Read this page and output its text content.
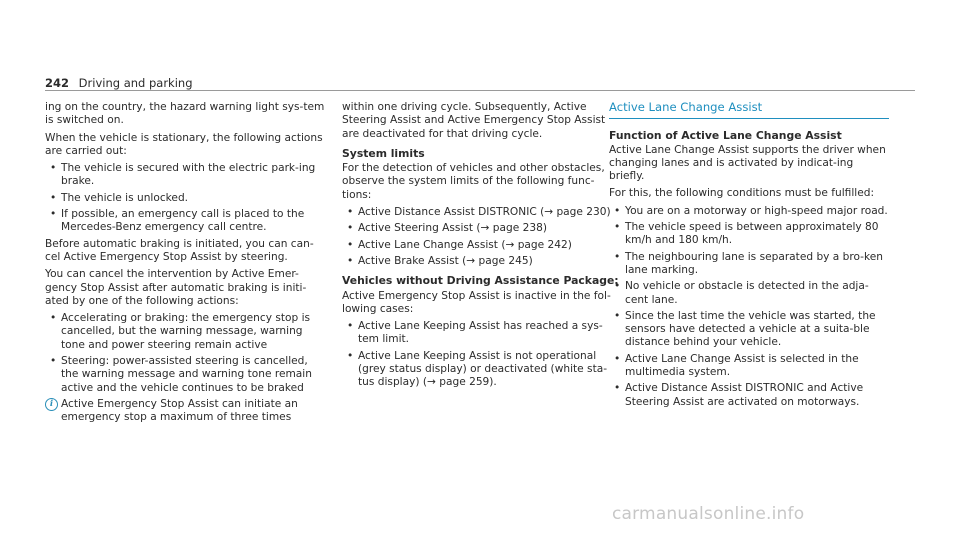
242 Driving and parking

ing on the country, the hazard warning light sys-tem is switched on.

When the vehicle is stationary, the following actions are carried out:

• The vehicle is secured with the electric park-ing brake.
• The vehicle is unlocked.
• If possible, an emergency call is placed to the Mercedes-Benz emergency call centre.

Before automatic braking is initiated, you can can-cel Active Emergency Stop Assist by steering.

You can cancel the intervention by Active Emer-gency Stop Assist after automatic braking is initi-ated by one of the following actions:

• Accelerating or braking: the emergency stop is cancelled, but the warning message, warning tone and power steering remain active
• Steering: power-assisted steering is cancelled, the warning message and warning tone remain active and the vehicle continues to be braked
i Active Emergency Stop Assist can initiate an emergency stop a maximum of three times

within one driving cycle. Subsequently, Active Steering Assist and Active Emergency Stop Assist are deactivated for that driving cycle.

System limits

For the detection of vehicles and other obstacles, observe the system limits of the following func-tions:

• Active Distance Assist DISTRONIC (→ page 230)
• Active Steering Assist (→ page 238)
• Active Lane Change Assist (→ page 242)
• Active Brake Assist (→ page 245)
Vehicles without Driving Assistance Package:

Active Emergency Stop Assist is inactive in the fol-lowing cases:

• Active Lane Keeping Assist has reached a sys-tem limit.
• Active Lane Keeping Assist is not operational (grey status display) or deactivated (white sta-tus display) (→ page 259).
Active Lane Change Assist
Function of Active Lane Change Assist

Active Lane Change Assist supports the driver when changing lanes and is activated by indicat-ing briefly.

For this, the following conditions must be fulfilled:

• You are on a motorway or high-speed major road.
• The vehicle speed is between approximately 80 km/h and 180 km/h.
• The neighbouring lane is separated by a bro-ken lane marking.
• No vehicle or obstacle is detected in the adja-cent lane.
• Since the last time the vehicle was started, the sensors have detected a vehicle at a suita-ble distance behind your vehicle.
• Active Lane Change Assist is selected in the multimedia system.
• Active Distance Assist DISTRONIC and Active Steering Assist are activated on motorways.
carmanualsonline.info
